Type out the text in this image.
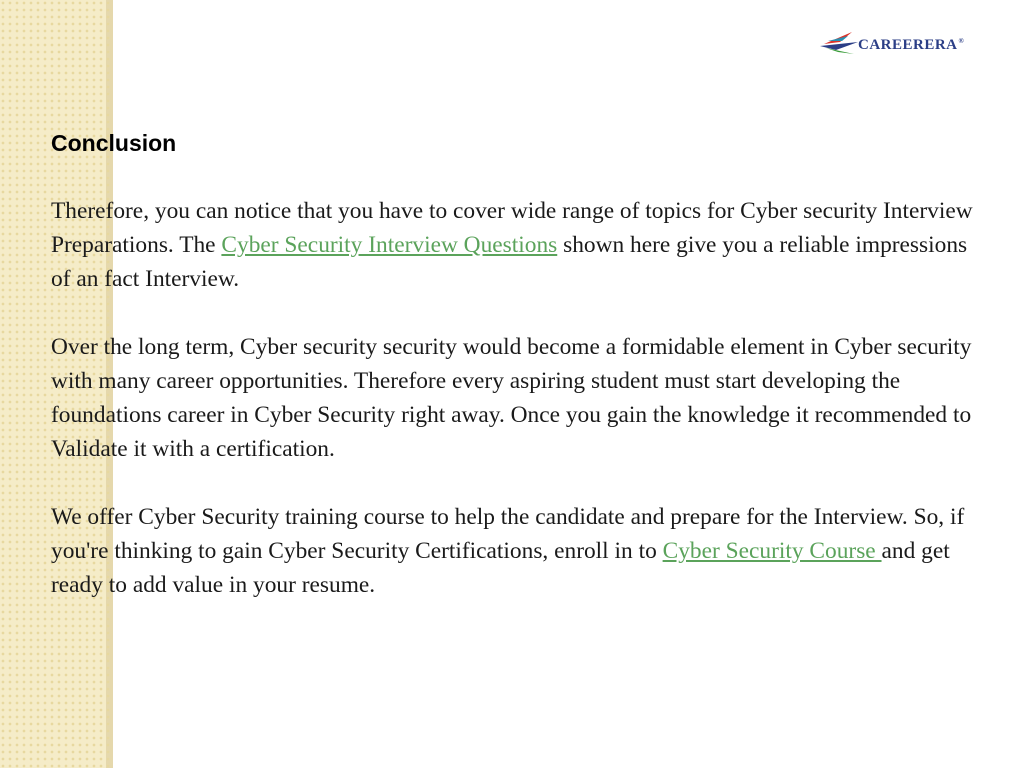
CAREERERA®
Conclusion

Therefore, you can notice that you have to cover wide range of topics for Cyber security Interview Preparations. The Cyber Security Interview Questions shown here give you a reliable impressions of an fact Interview.

Over the long term, Cyber security security would become a formidable element in Cyber security with many career opportunities. Therefore every aspiring student must start developing the foundations career in Cyber Security right away. Once you gain the knowledge it recommended to Validate it with a certification.

We offer Cyber Security training course to help the candidate and prepare for the Interview. So, if you're thinking to gain Cyber Security Certifications, enroll in to Cyber Security Course and get ready to add value in your resume.
